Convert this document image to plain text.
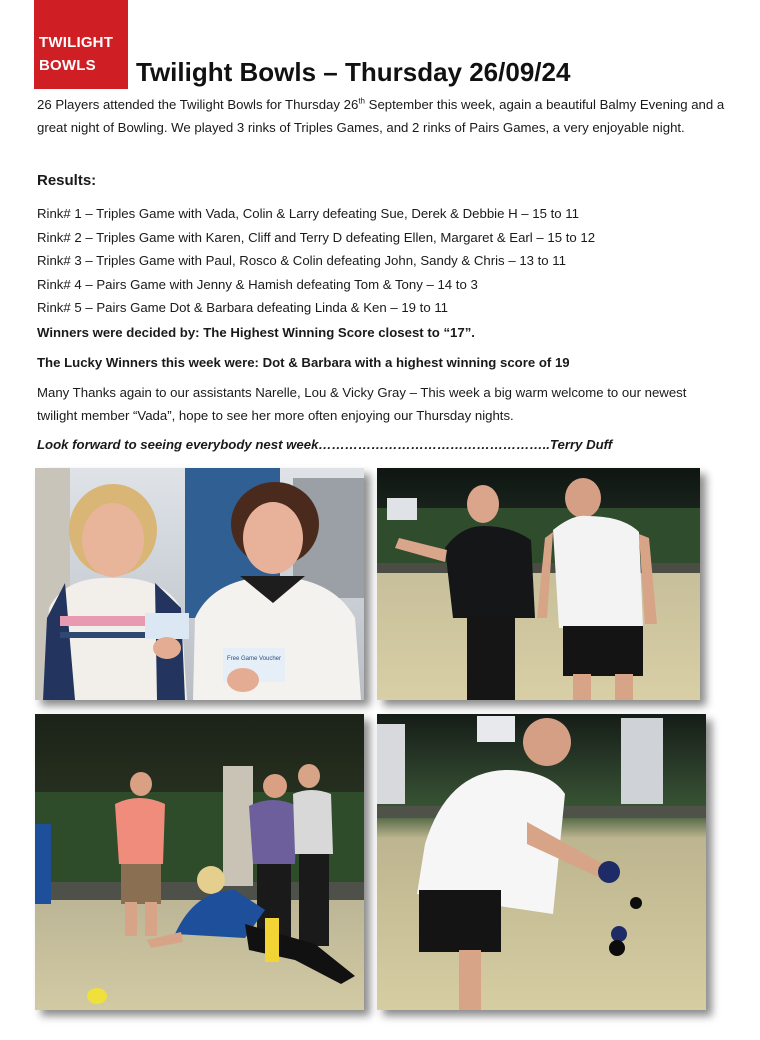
TWILIGHT
BOWLS	Twilight Bowls – Thursday 26/09/24

26 Players attended the Twilight Bowls for Thursday 26th September this week, again a beautiful Balmy Evening and a great night of Bowling. We played 3 rinks of Triples Games, and 2 rinks of Pairs Games, a very enjoyable night.

Results:
Rink# 1 – Triples Game with Vada, Colin & Larry defeating Sue, Derek & Debbie H – 15 to 11
Rink# 2 – Triples Game with Karen, Cliff and Terry D defeating Ellen, Margaret & Earl – 15 to 12
Rink# 3 – Triples Game with Paul, Rosco & Colin defeating John, Sandy & Chris – 13 to 11
Rink# 4 – Pairs Game with Jenny & Hamish defeating Tom & Tony – 14 to 3
Rink# 5 – Pairs Game Dot & Barbara defeating Linda & Ken – 19 to 11

Winners were decided by: The Highest Winning Score closest to “17”.

The Lucky Winners this week were: Dot & Barbara with a highest winning score of 19

Many Thanks again to our assistants Narelle, Lou & Vicky Gray – This week a big warm welcome to our newest twilight member “Vada”, hope to see her more often enjoying our Thursday nights.

Look forward to seeing everybody nest week……………………………………………..Terry Duff

Free Game Voucher
